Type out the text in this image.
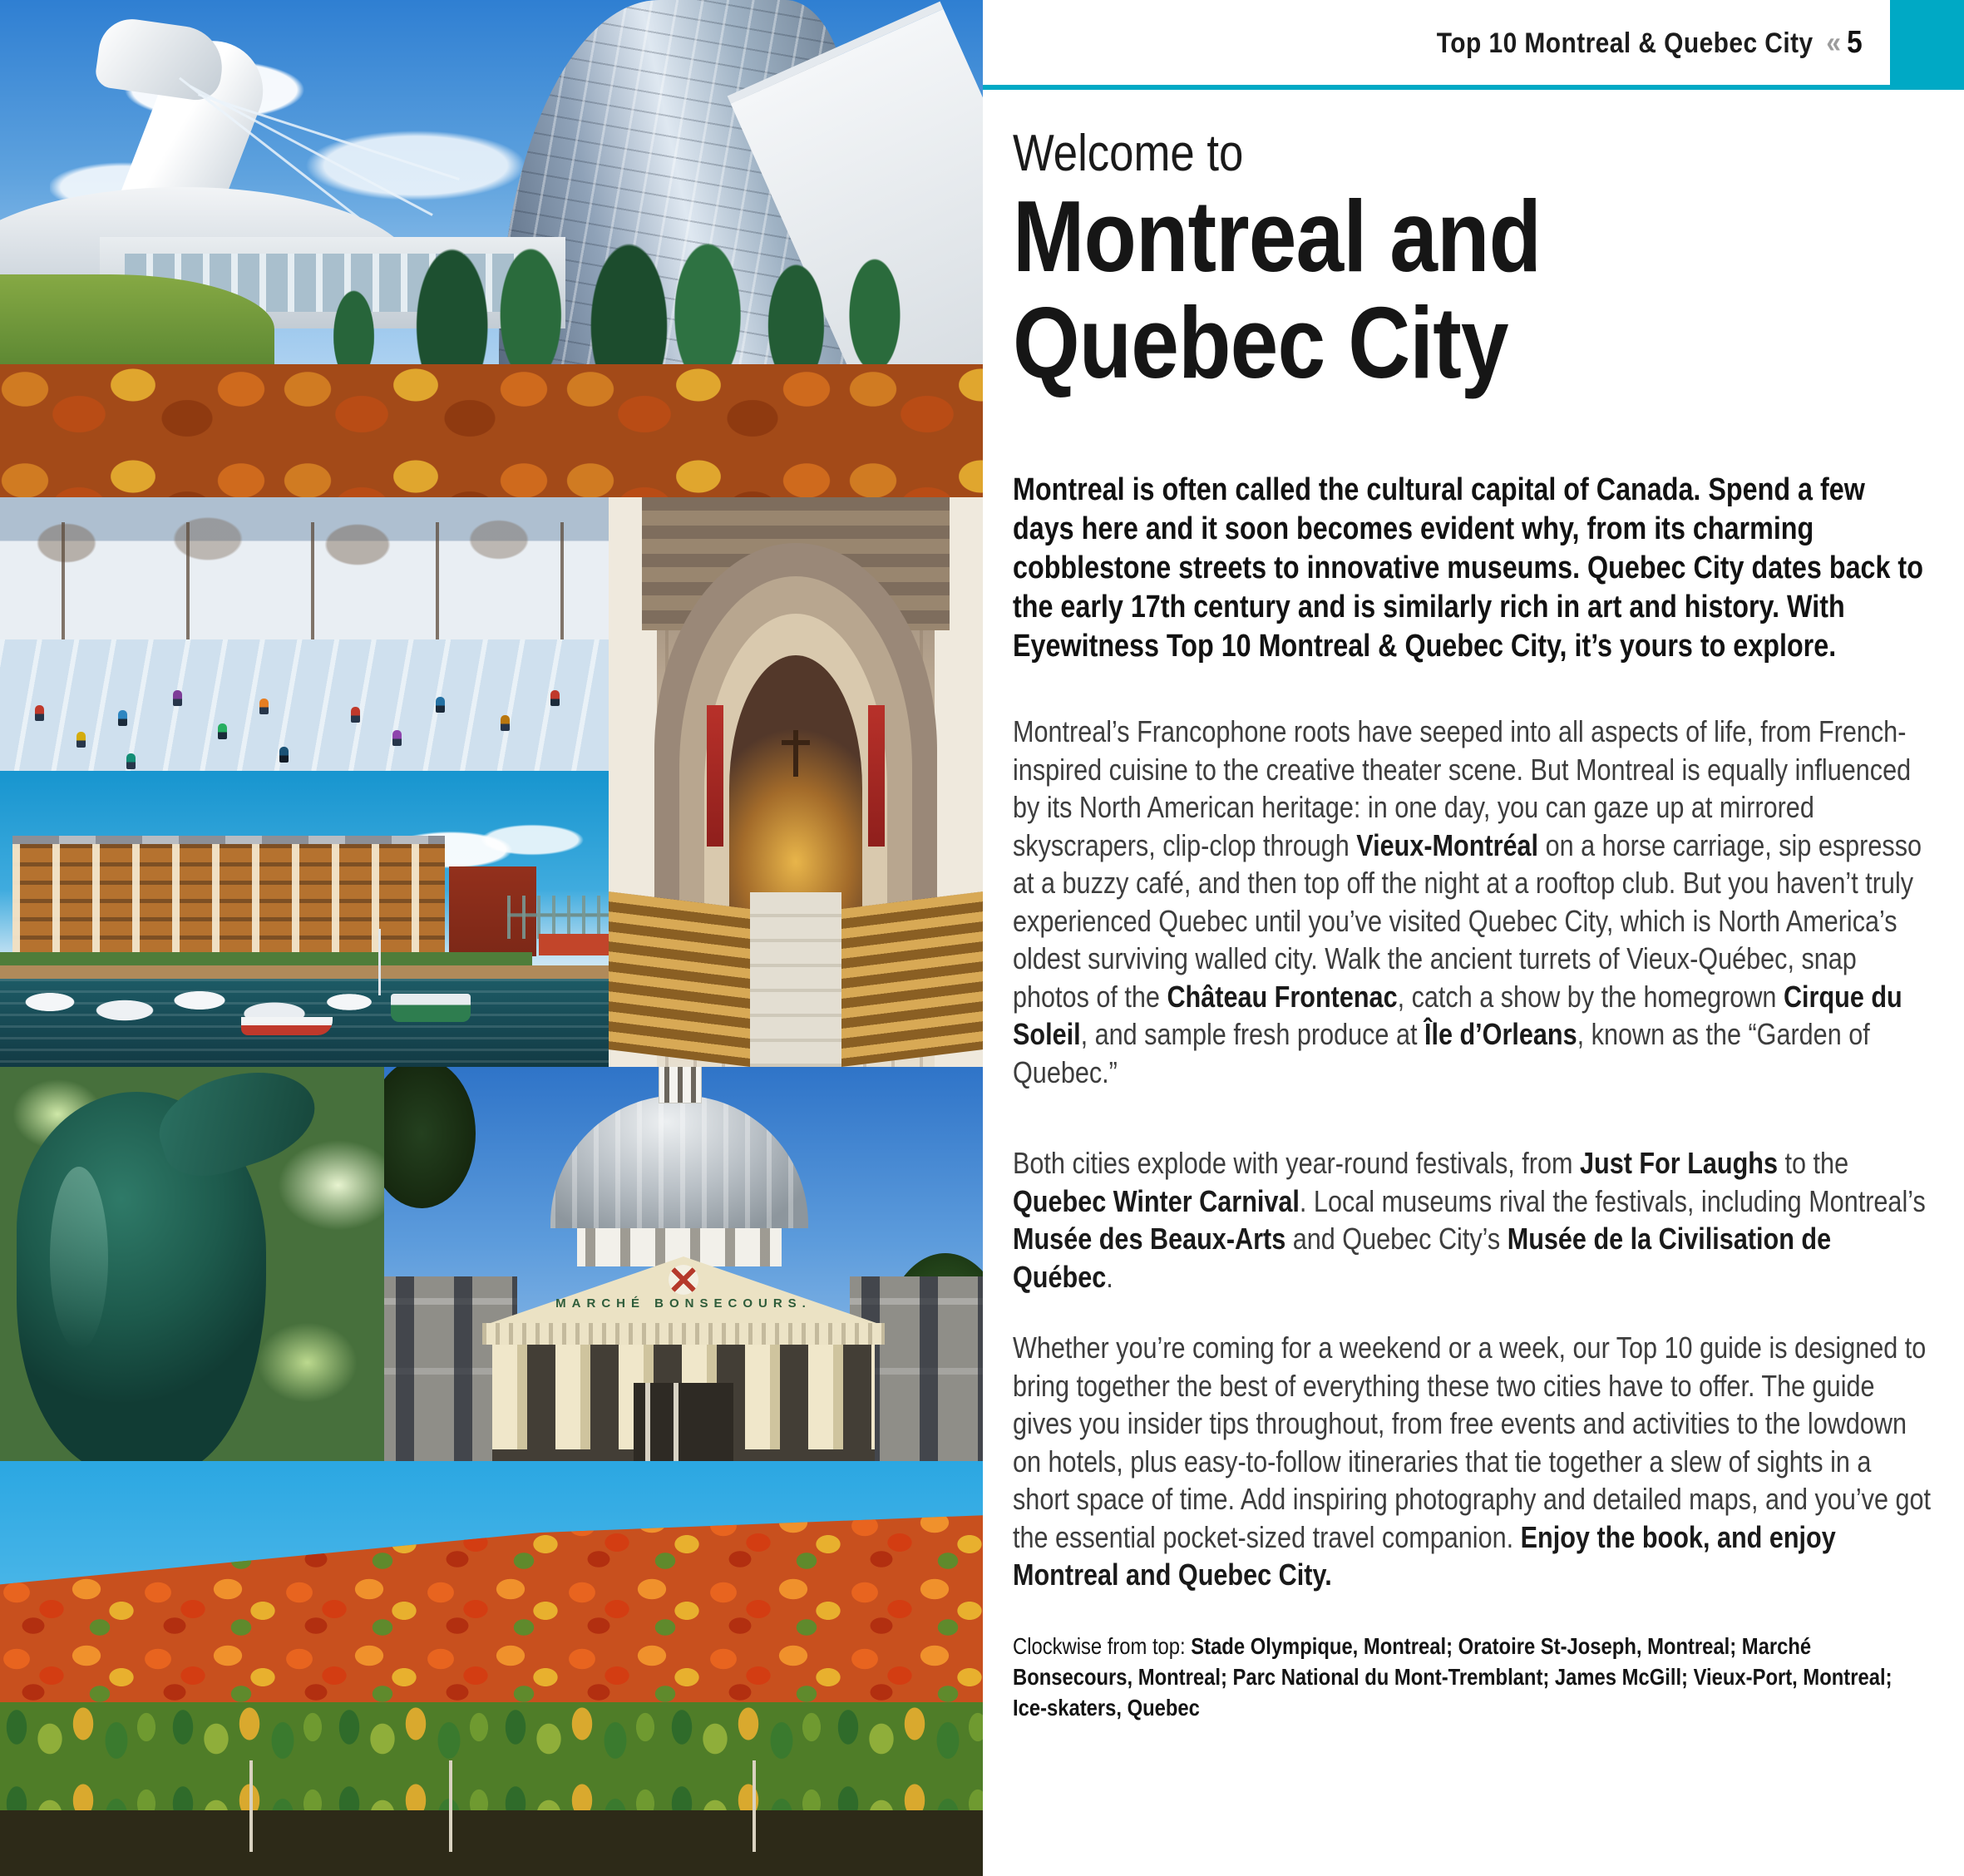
MARCHÉ BONSECOURS.
Top 10 Montreal & Quebec City « 5
Welcome to
Montreal and
Quebec City

Montreal is often called the cultural capital of Canada. Spend a few days here and it soon becomes evident why, from its charming cobblestone streets to innovative museums. Quebec City dates back to the early 17th century and is similarly rich in art and history. With Eyewitness Top 10 Montreal & Quebec City, it’s yours to explore.

Montreal’s Francophone roots have seeped into all aspects of life, from French-inspired cuisine to the creative theater scene. But Montreal is equally influenced by its North American heritage: in one day, you can gaze up at mirrored skyscrapers, clip-clop through Vieux-Montréal on a horse carriage, sip espresso at a buzzy café, and then top off the night at a rooftop club. But you haven’t truly experienced Quebec until you’ve visited Quebec City, which is North America’s oldest surviving walled city. Walk the ancient turrets of Vieux-Québec, snap photos of the Château Frontenac, catch a show by the homegrown Cirque du Soleil, and sample fresh produce at Île d’Orleans, known as the “Garden of Quebec.”

Both cities explode with year-round festivals, from Just For Laughs to the Quebec Winter Carnival. Local museums rival the festivals, including Montreal’s Musée des Beaux-Arts and Quebec City’s Musée de la Civilisation de Québec.

Whether you’re coming for a weekend or a week, our Top 10 guide is designed to bring together the best of everything these two cities have to offer. The guide gives you insider tips throughout, from free events and activities to the lowdown on hotels, plus easy-to-follow itineraries that tie together a slew of sights in a short space of time. Add inspiring photography and detailed maps, and you’ve got the essential pocket-sized travel companion. Enjoy the book, and enjoy Montreal and Quebec City.

Clockwise from top: Stade Olympique, Montreal; Oratoire St-Joseph, Montreal; Marché Bonsecours, Montreal; Parc National du Mont-Tremblant; James McGill; Vieux-Port, Montreal; Ice-skaters, Quebec
